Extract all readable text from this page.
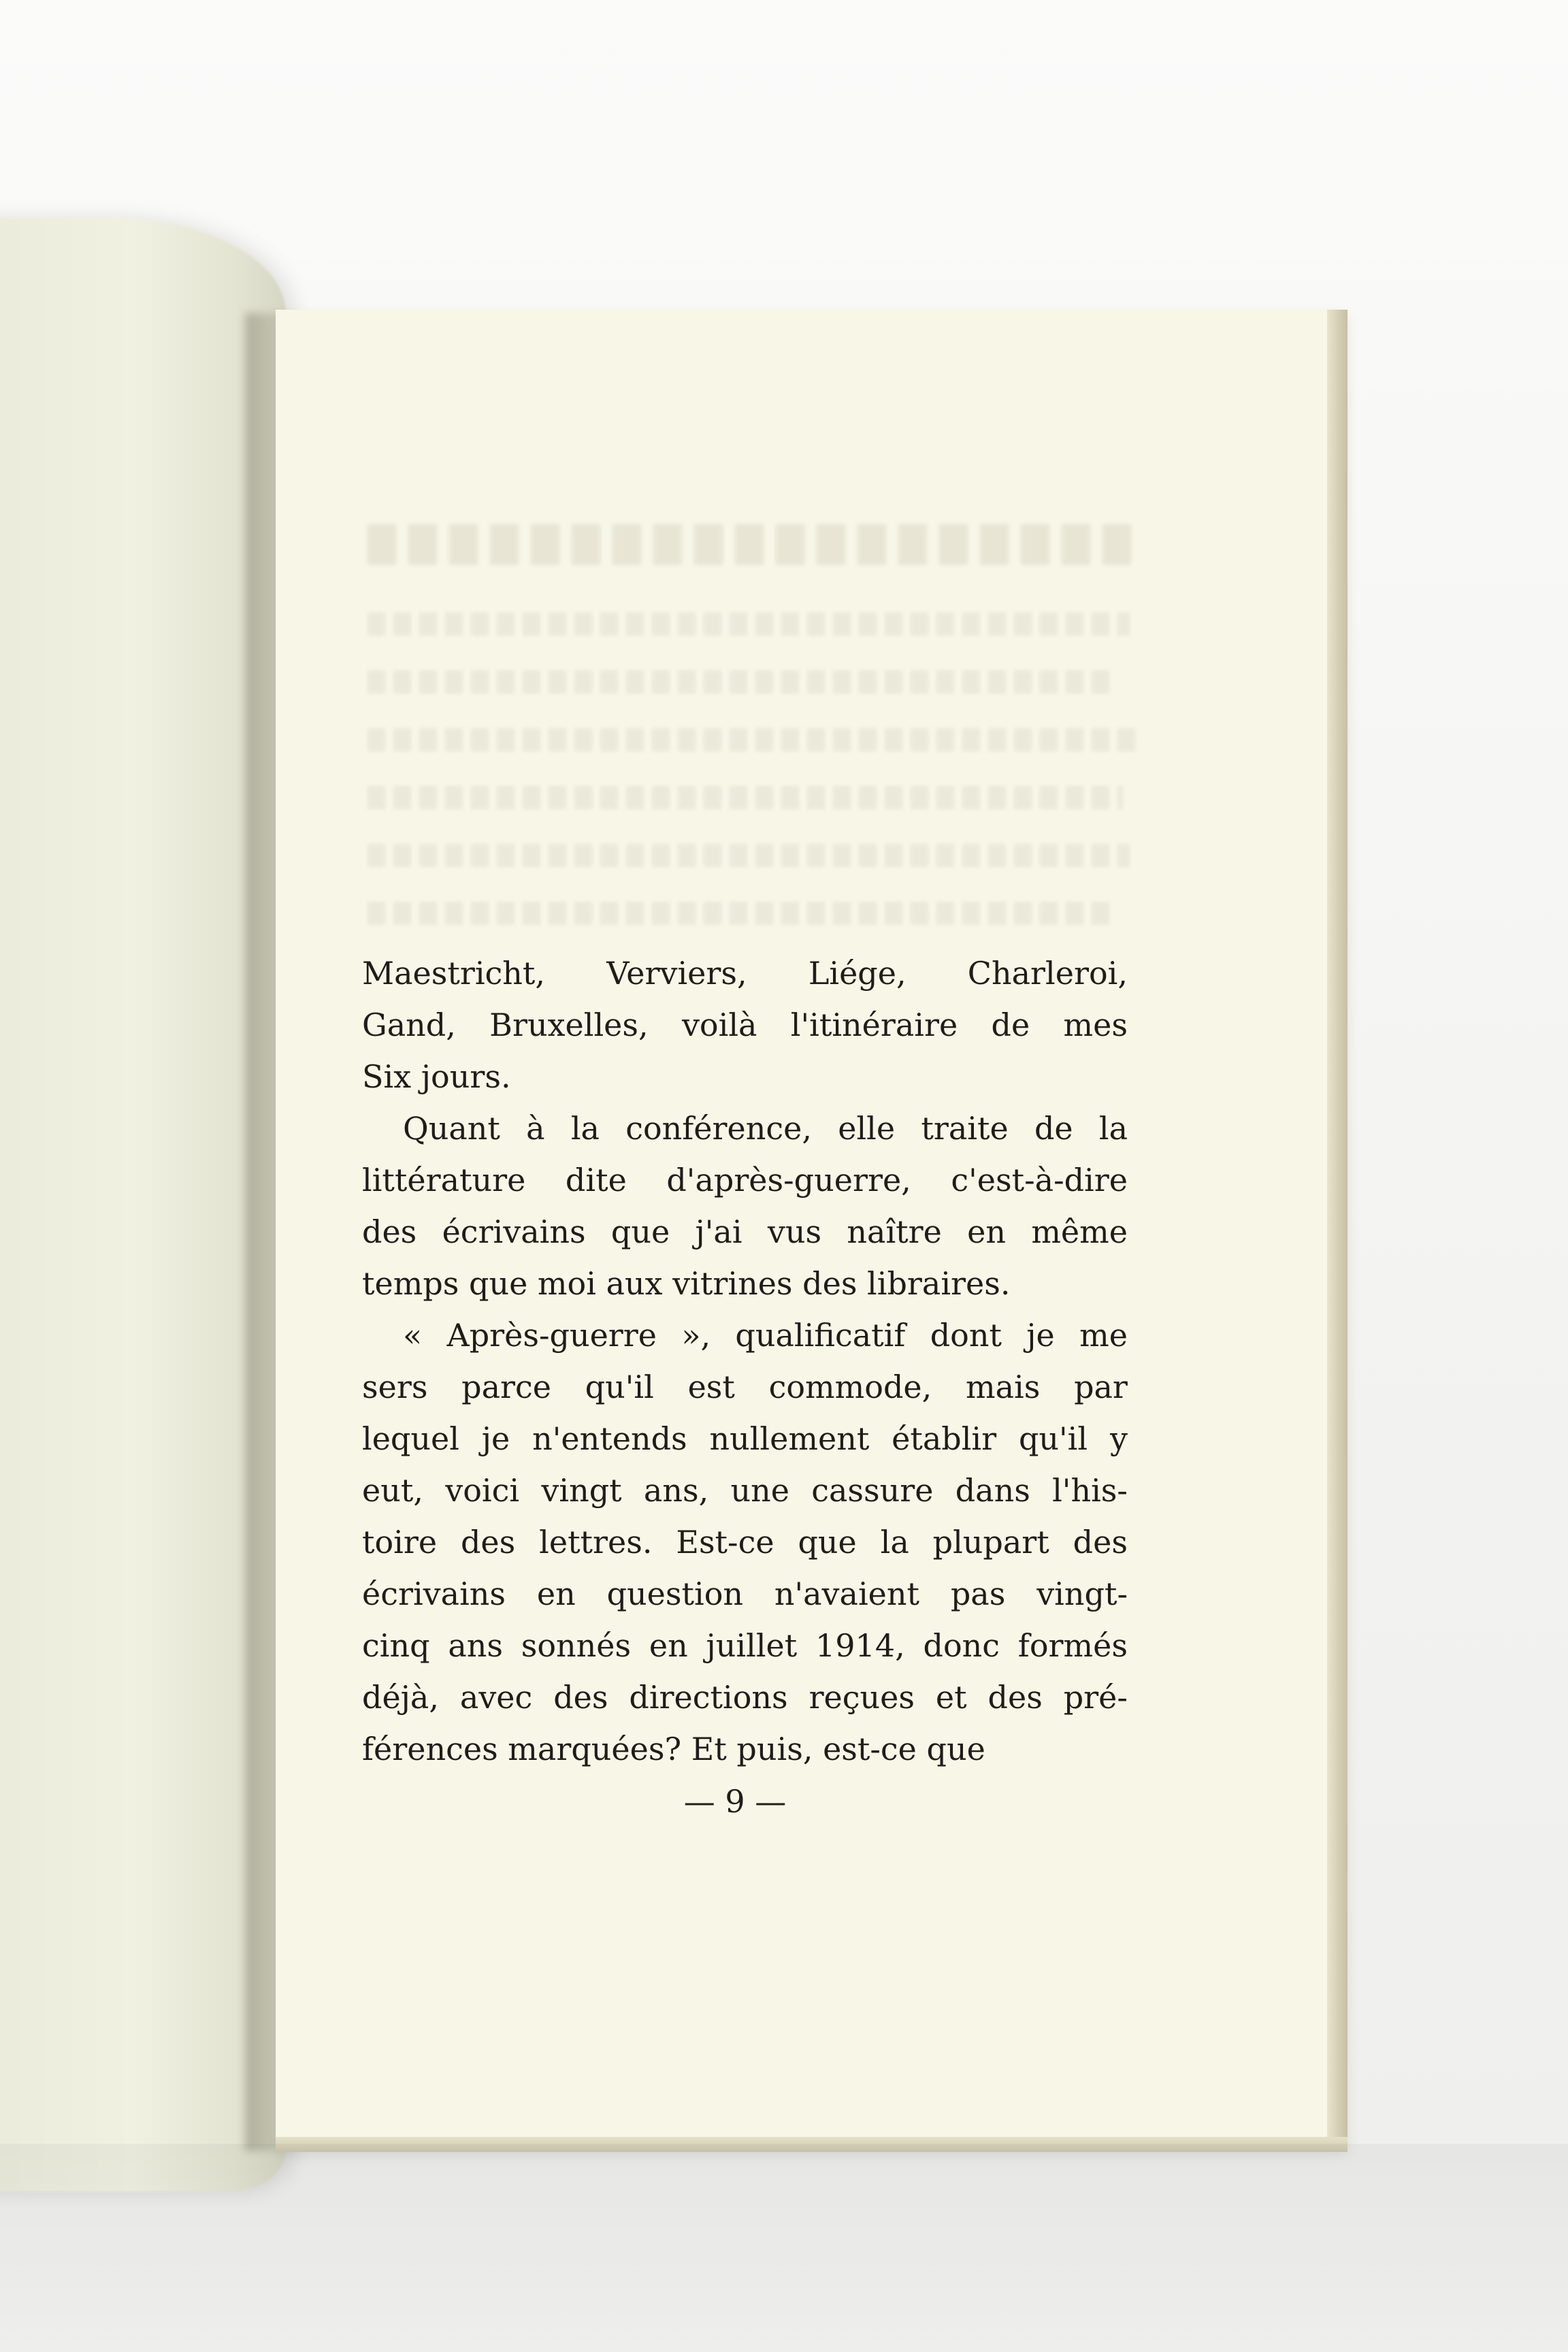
Maestricht, Verviers, Liége, Charleroi,
Gand, Bruxelles, voilà l'itinéraire de mes
Six jours.
Quant à la conférence, elle traite de la
littérature dite d'après-guerre, c'est-à-dire
des écrivains que j'ai vus naître en même
temps que moi aux vitrines des libraires.
« Après-guerre », qualificatif dont je me
sers parce qu'il est commode, mais par
lequel je n'entends nullement établir qu'il y
eut, voici vingt ans, une cassure dans l'his-
toire des lettres. Est-ce que la plupart des
écrivains en question n'avaient pas vingt-
cinq ans sonnés en juillet 1914, donc formés
déjà, avec des directions reçues et des pré-
férences marquées? Et puis, est-ce que
— 9 —
